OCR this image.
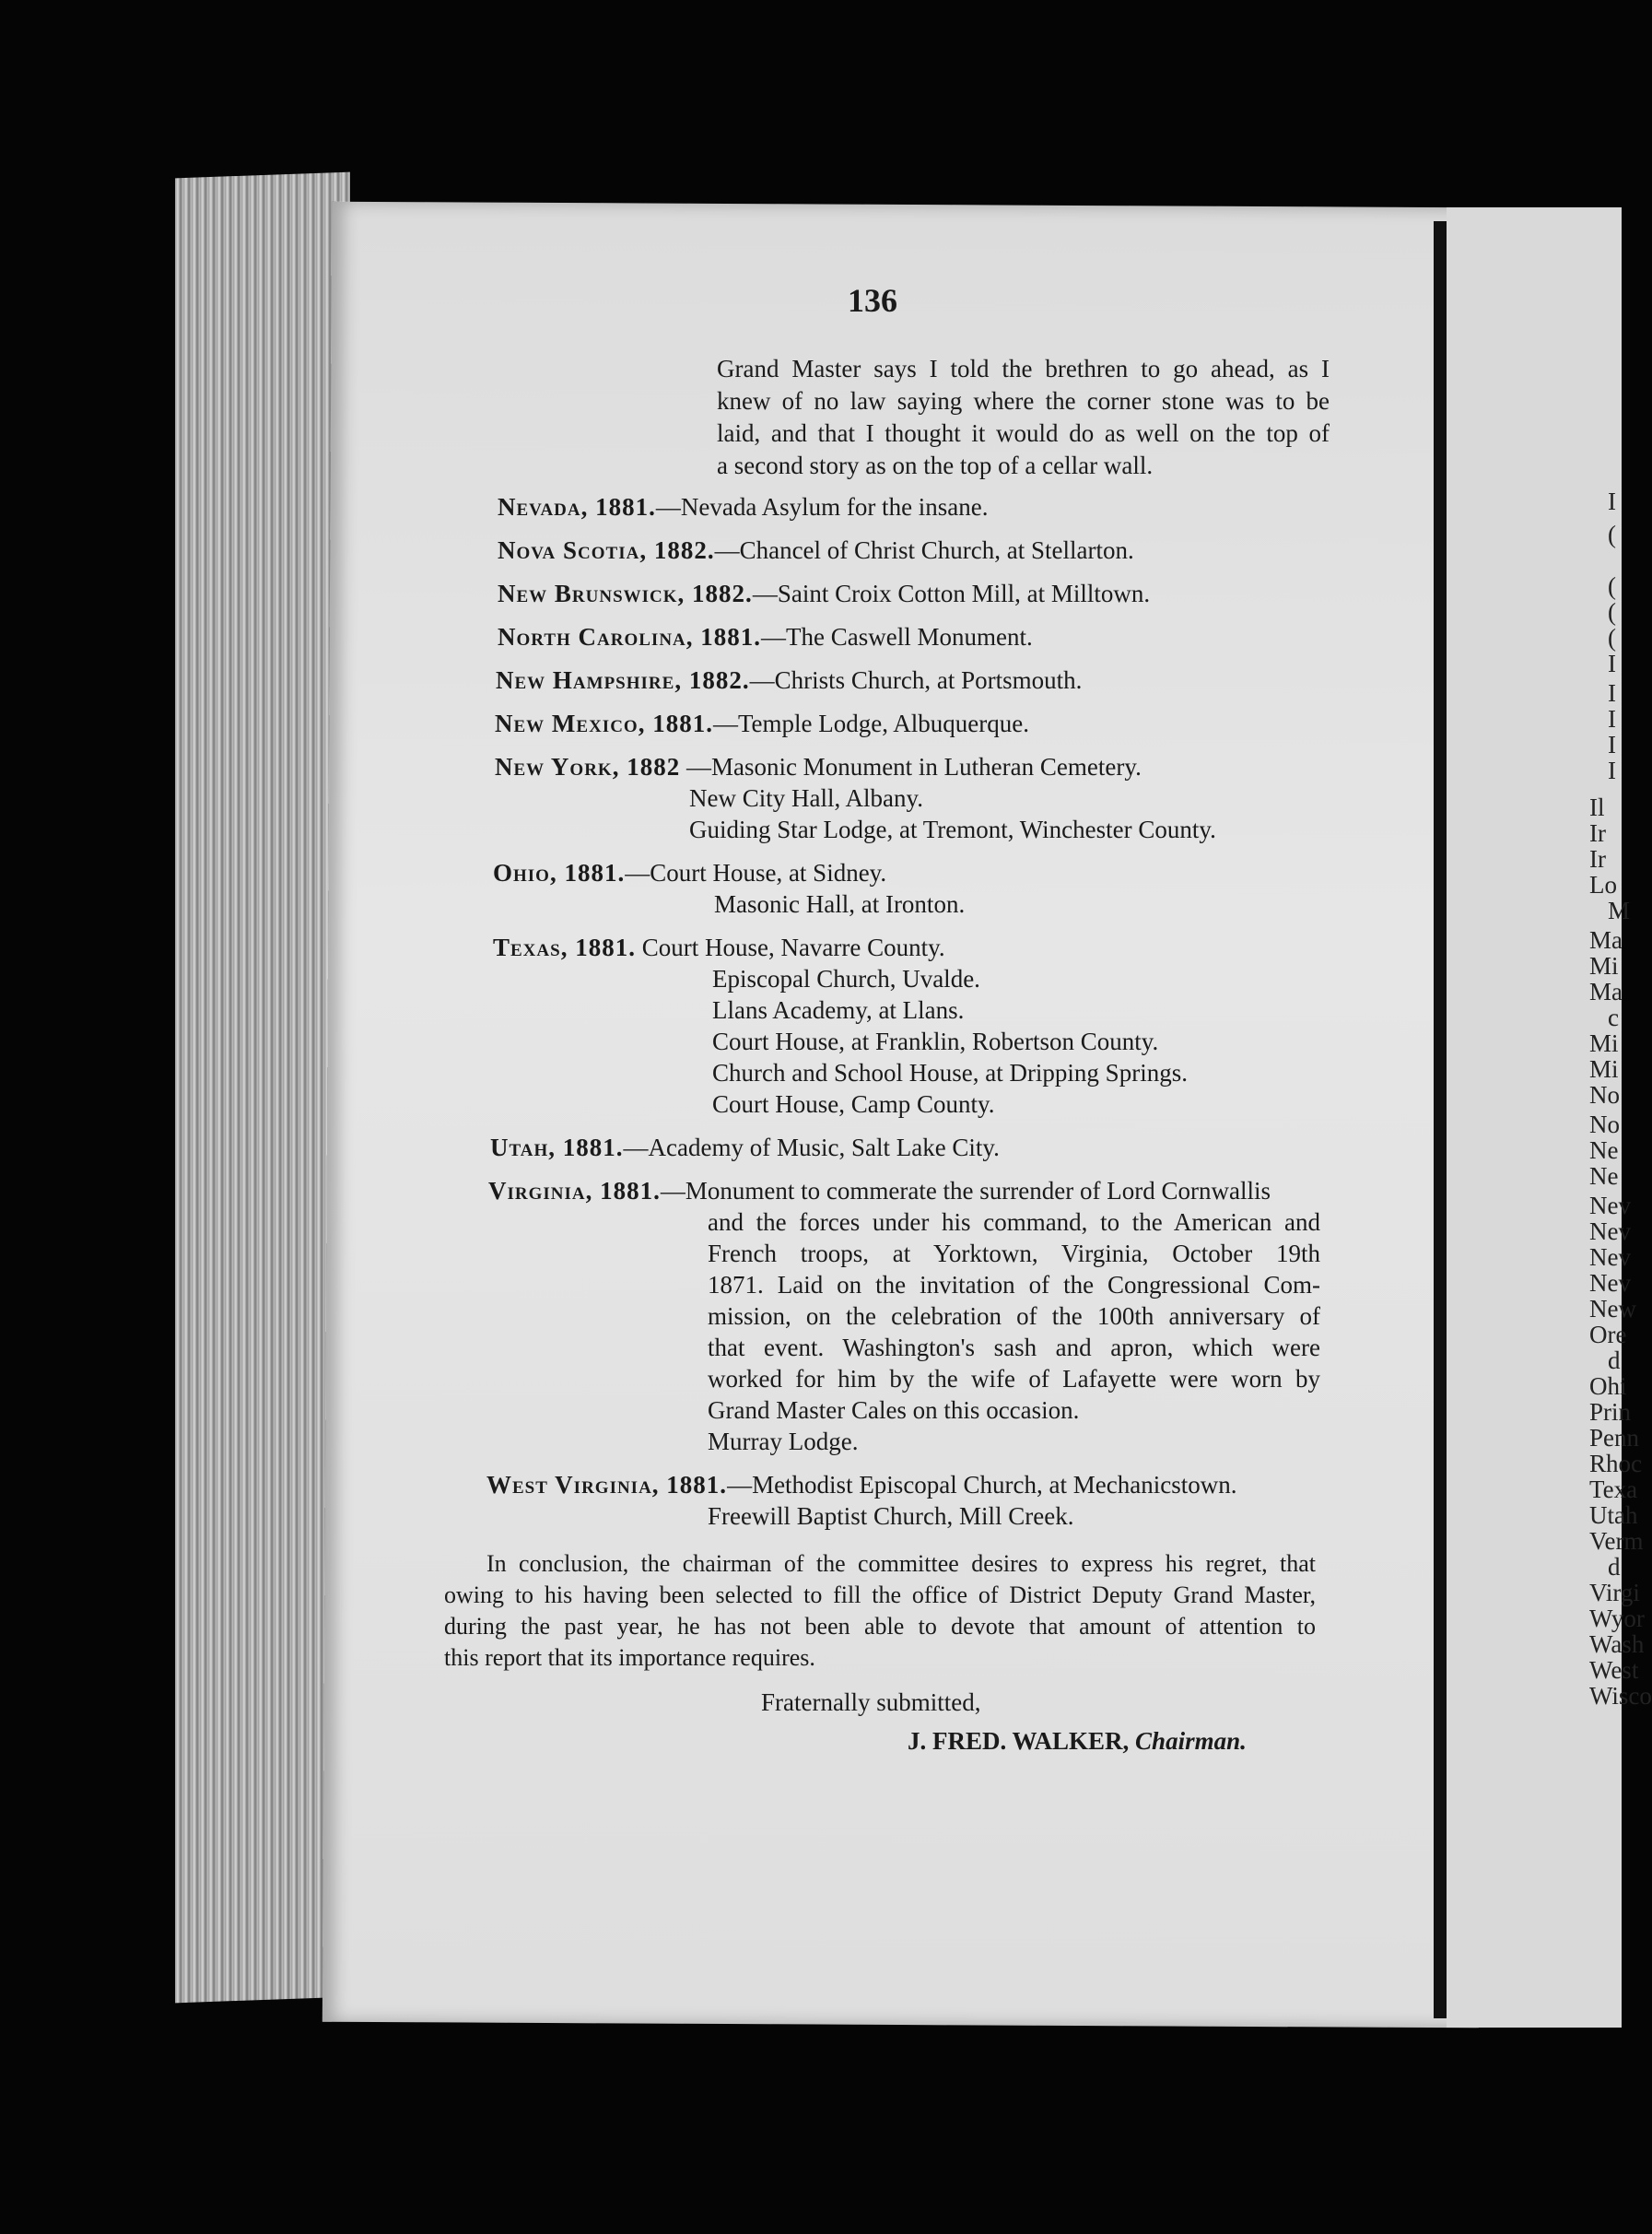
I
(
(
(
(
I
I
I
I
I
Il
Ir
Ir
Lo
M
Ma
Mi
Ma
c
Mi
Mi
No
No
Ne
Ne
Nev
Nev
Nev
Nev
New
Ore
d
Ohi
Prin
Penn
Rhoc
Texa
Utah
Verm
d
Virgi
Wyor
Wash
West
Wisco
136
Grand Master says I told the brethren to go ahead, as I
knew of no law saying where the corner stone was to be
laid, and that I thought it would do as well on the top of
a second story as on the top of a cellar wall.
Nevada, 1881.—Nevada Asylum for the insane.
Nova Scotia, 1882.—Chancel of Christ Church, at Stellarton.
New Brunswick, 1882.—Saint Croix Cotton Mill, at Milltown.
North Carolina, 1881.—The Caswell Monument.
New Hampshire, 1882.—Christs Church, at Portsmouth.
New Mexico, 1881.—Temple Lodge, Albuquerque.
New York, 1882 —Masonic Monument in Lutheran Cemetery.
New City Hall, Albany.
Guiding Star Lodge, at Tremont, Winchester County.
Ohio, 1881.—Court House, at Sidney.
Masonic Hall, at Ironton.
Texas, 1881. Court House, Navarre County.
Episcopal Church, Uvalde.
Llans Academy, at Llans.
Court House, at Franklin, Robertson County.
Church and School House, at Dripping Springs.
Court House, Camp County.
Utah, 1881.—Academy of Music, Salt Lake City.
Virginia, 1881.—Monument to commerate the surrender of Lord Cornwallis
and the forces under his command, to the American and
French troops, at Yorktown, Virginia, October 19th
1871. Laid on the invitation of the Congressional Com-
mission, on the celebration of the 100th anniversary of
that event. Washington's sash and apron, which were
worked for him by the wife of Lafayette were worn by
Grand Master Cales on this occasion.
Murray Lodge.
West Virginia, 1881.—Methodist Episcopal Church, at Mechanicstown.
Freewill Baptist Church, Mill Creek.
In conclusion, the chairman of the committee desires to express his regret, that
owing to his having been selected to fill the office of District Deputy Grand Master,
during the past year, he has not been able to devote that amount of attention to
this report that its importance requires.
Fraternally submitted,
J. FRED. WALKER, Chairman.
